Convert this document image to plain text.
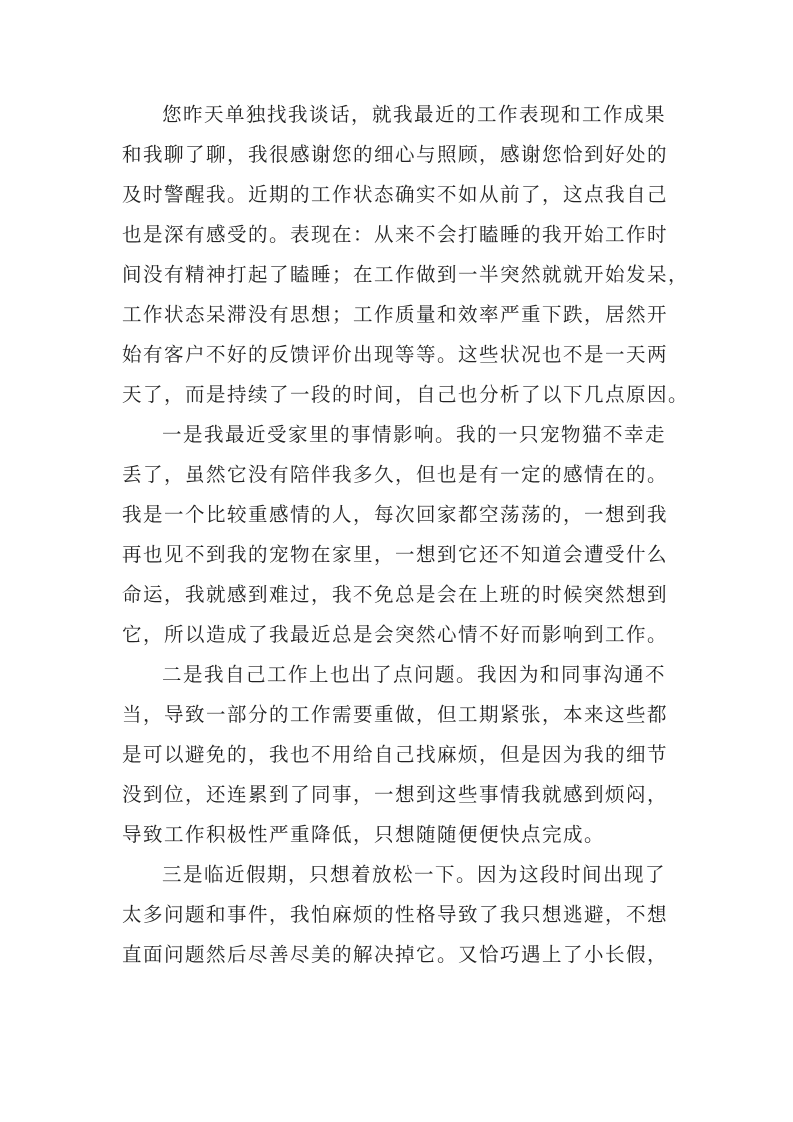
您昨天单独找我谈话，就我最近的工作表现和工作成果
和我聊了聊，我很感谢您的细心与照顾，感谢您恰到好处的
及时警醒我。近期的工作状态确实不如从前了，这点我自己
也是深有感受的。表现在：从来不会打瞌睡的我开始工作时
间没有精神打起了瞌睡；在工作做到一半突然就就开始发呆，
工作状态呆滞没有思想；工作质量和效率严重下跌，居然开
始有客户不好的反馈评价出现等等。这些状况也不是一天两
天了，而是持续了一段的时间，自己也分析了以下几点原因。
一是我最近受家里的事情影响。我的一只宠物猫不幸走
丢了，虽然它没有陪伴我多久，但也是有一定的感情在的。
我是一个比较重感情的人，每次回家都空荡荡的，一想到我
再也见不到我的宠物在家里，一想到它还不知道会遭受什么
命运，我就感到难过，我不免总是会在上班的时候突然想到
它，所以造成了我最近总是会突然心情不好而影响到工作。
二是我自己工作上也出了点问题。我因为和同事沟通不
当，导致一部分的工作需要重做，但工期紧张，本来这些都
是可以避免的，我也不用给自己找麻烦，但是因为我的细节
没到位，还连累到了同事，一想到这些事情我就感到烦闷，
导致工作积极性严重降低，只想随随便便快点完成。
三是临近假期，只想着放松一下。因为这段时间出现了
太多问题和事件，我怕麻烦的性格导致了我只想逃避，不想
直面问题然后尽善尽美的解决掉它。又恰巧遇上了小长假，
